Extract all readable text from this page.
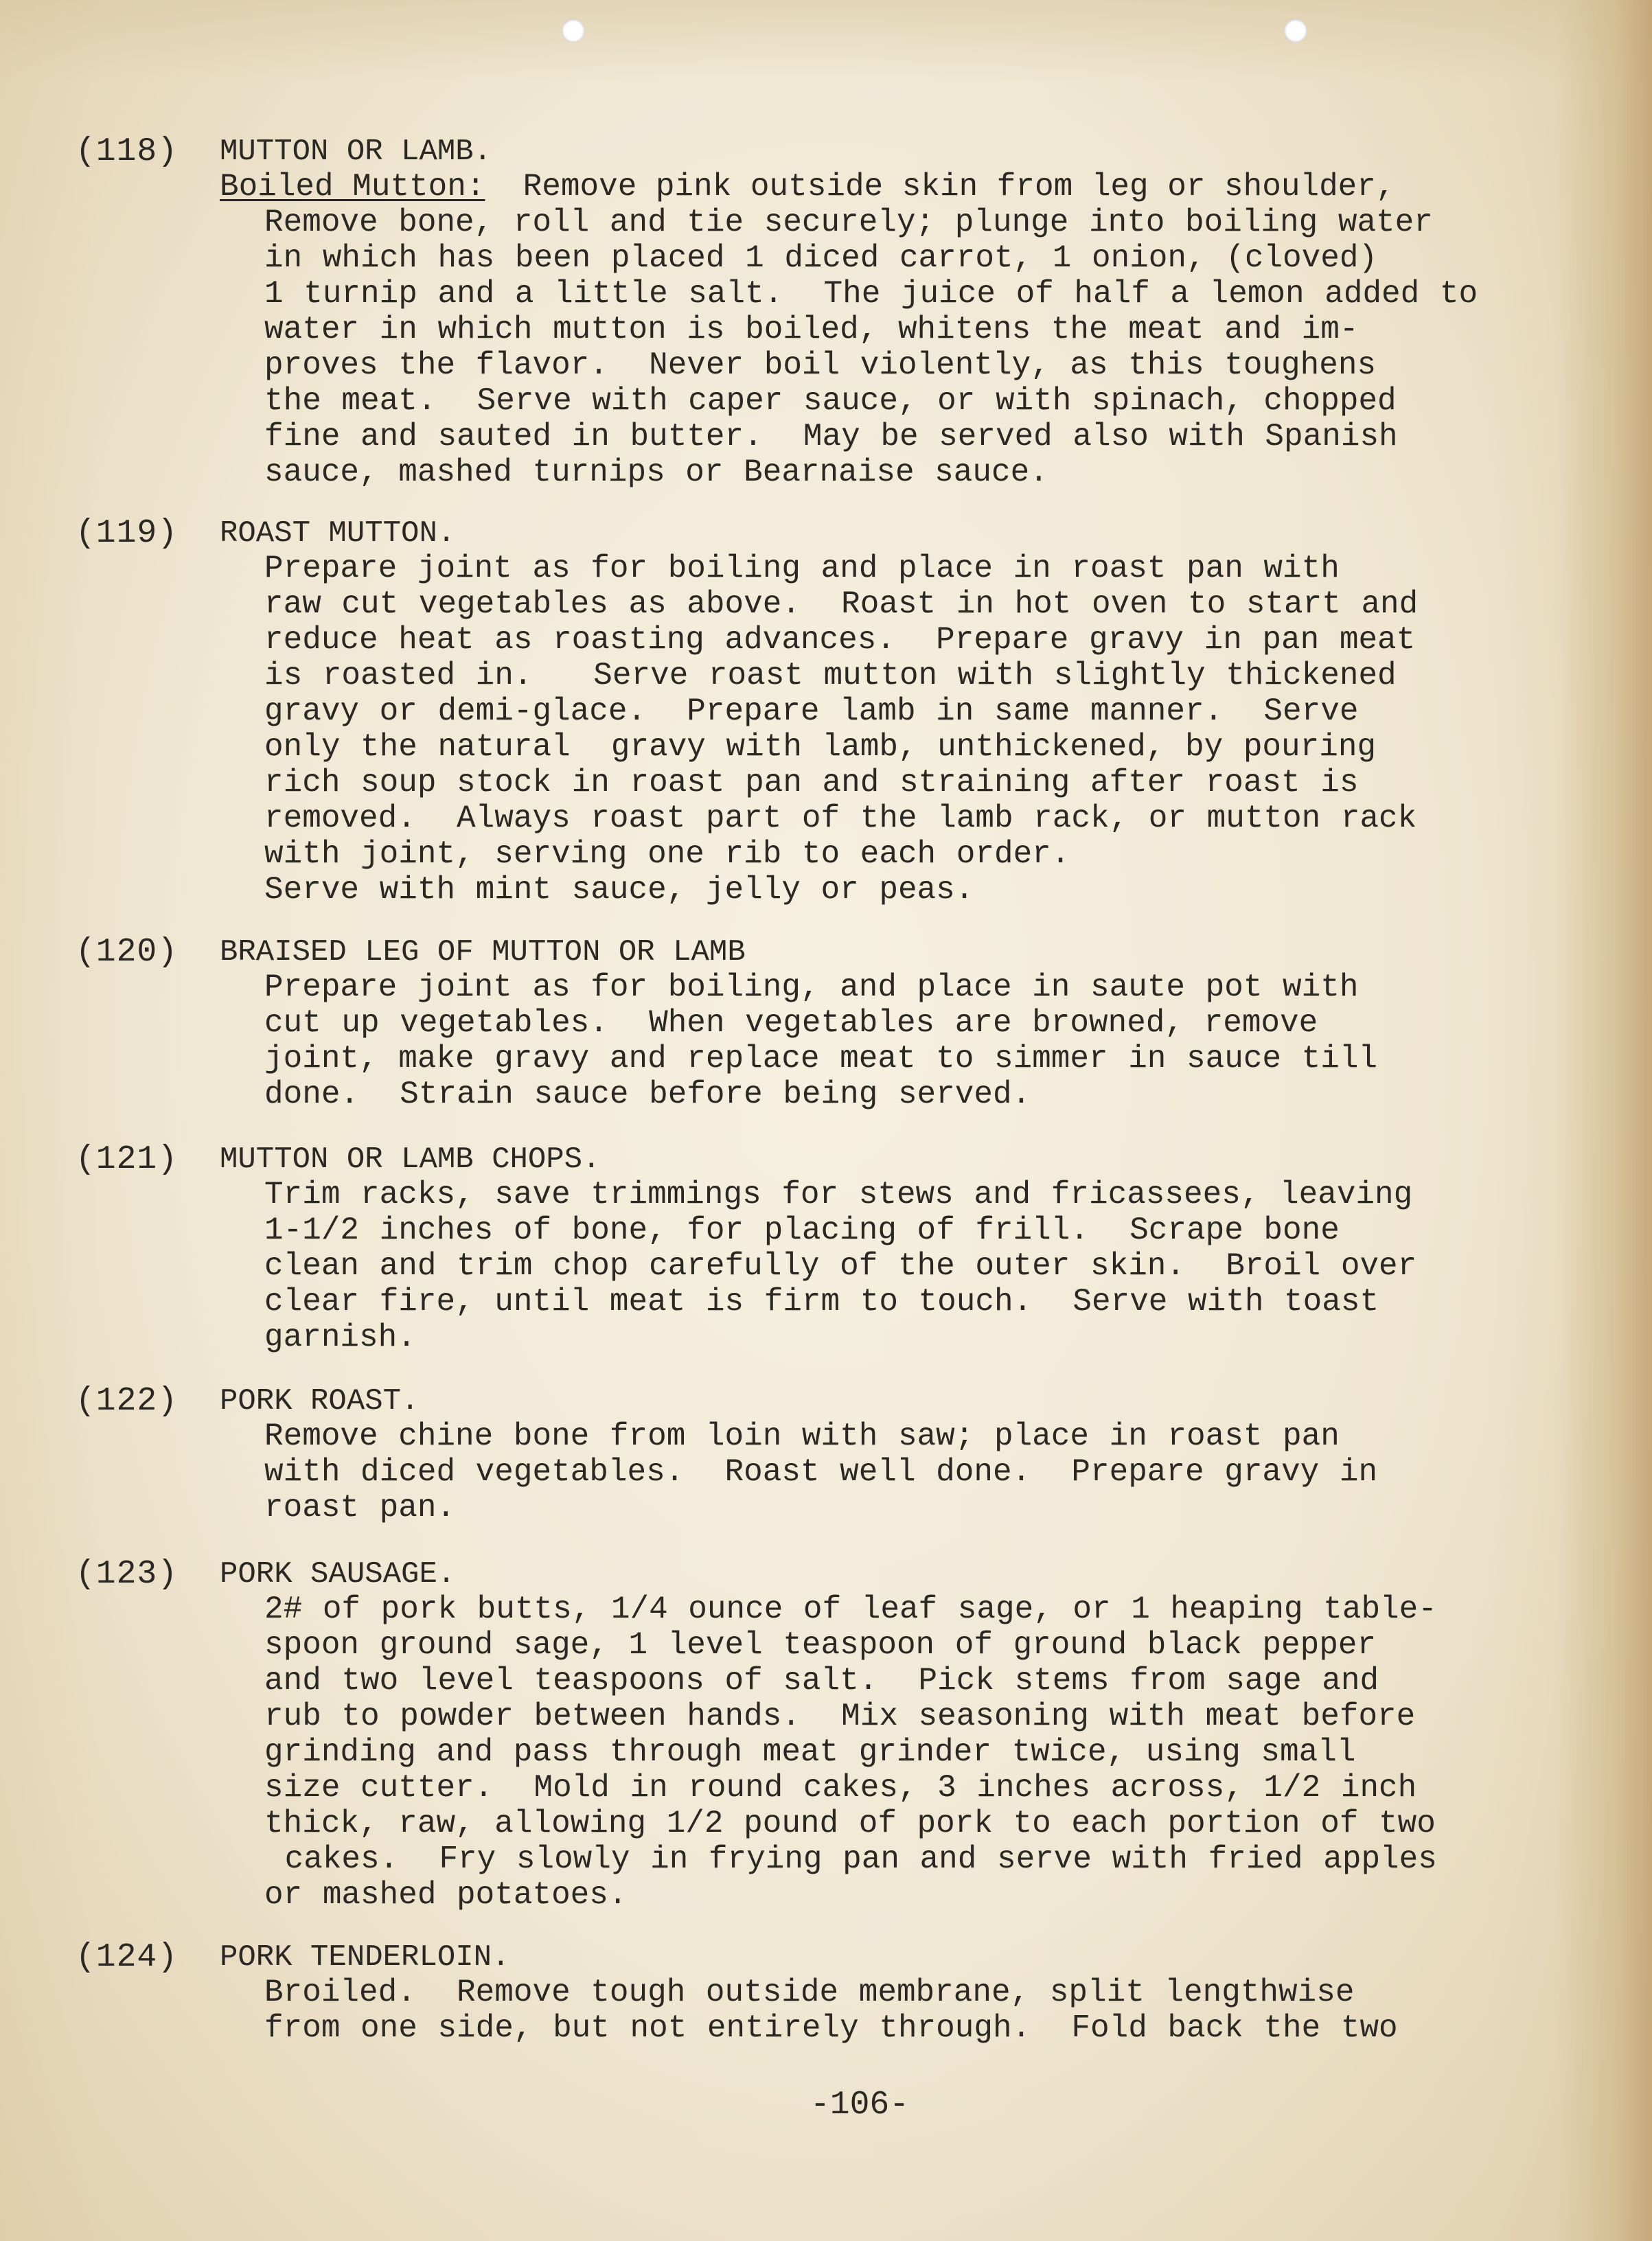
(118) MUTTON OR LAMB.
Boiled Mutton:  Remove pink outside skin from leg or shoulder,
Remove bone, roll and tie securely; plunge into boiling water
in which has been placed 1 diced carrot, 1 onion, (cloved)
1 turnip and a little salt.  The juice of half a lemon added to
water in which mutton is boiled, whitens the meat and im-
proves the flavor.  Never boil violently, as this toughens
the meat.  Serve with caper sauce, or with spinach, chopped
fine and sauted in butter.  May be served also with Spanish
sauce, mashed turnips or Bearnaise sauce.
(119) ROAST MUTTON.
Prepare joint as for boiling and place in roast pan with
raw cut vegetables as above.  Roast in hot oven to start and
reduce heat as roasting advances.  Prepare gravy in pan meat
is roasted in.   Serve roast mutton with slightly thickened
gravy or demi-glace.  Prepare lamb in same manner.  Serve
only the natural  gravy with lamb, unthickened, by pouring
rich soup stock in roast pan and straining after roast is
removed.  Always roast part of the lamb rack, or mutton rack
with joint, serving one rib to each order.
Serve with mint sauce, jelly or peas.
(120) BRAISED LEG OF MUTTON OR LAMB
Prepare joint as for boiling, and place in saute pot with
cut up vegetables.  When vegetables are browned, remove
joint, make gravy and replace meat to simmer in sauce till
done.  Strain sauce before being served.
(121) MUTTON OR LAMB CHOPS.
Trim racks, save trimmings for stews and fricassees, leaving
1-1/2 inches of bone, for placing of frill.  Scrape bone
clean and trim chop carefully of the outer skin.  Broil over
clear fire, until meat is firm to touch.  Serve with toast
garnish.
(122) PORK ROAST.
Remove chine bone from loin with saw; place in roast pan
with diced vegetables.  Roast well done.  Prepare gravy in
roast pan.
(123) PORK SAUSAGE.
2# of pork butts, 1/4 ounce of leaf sage, or 1 heaping table-
spoon ground sage, 1 level teaspoon of ground black pepper
and two level teaspoons of salt.  Pick stems from sage and
rub to powder between hands.  Mix seasoning with meat before
grinding and pass through meat grinder twice, using small
size cutter.  Mold in round cakes, 3 inches across, 1/2 inch
thick, raw, allowing 1/2 pound of pork to each portion of two
cakes.  Fry slowly in frying pan and serve with fried apples
or mashed potatoes.
(124) PORK TENDERLOIN.
Broiled.  Remove tough outside membrane, split lengthwise
from one side, but not entirely through.  Fold back the two
-106-
